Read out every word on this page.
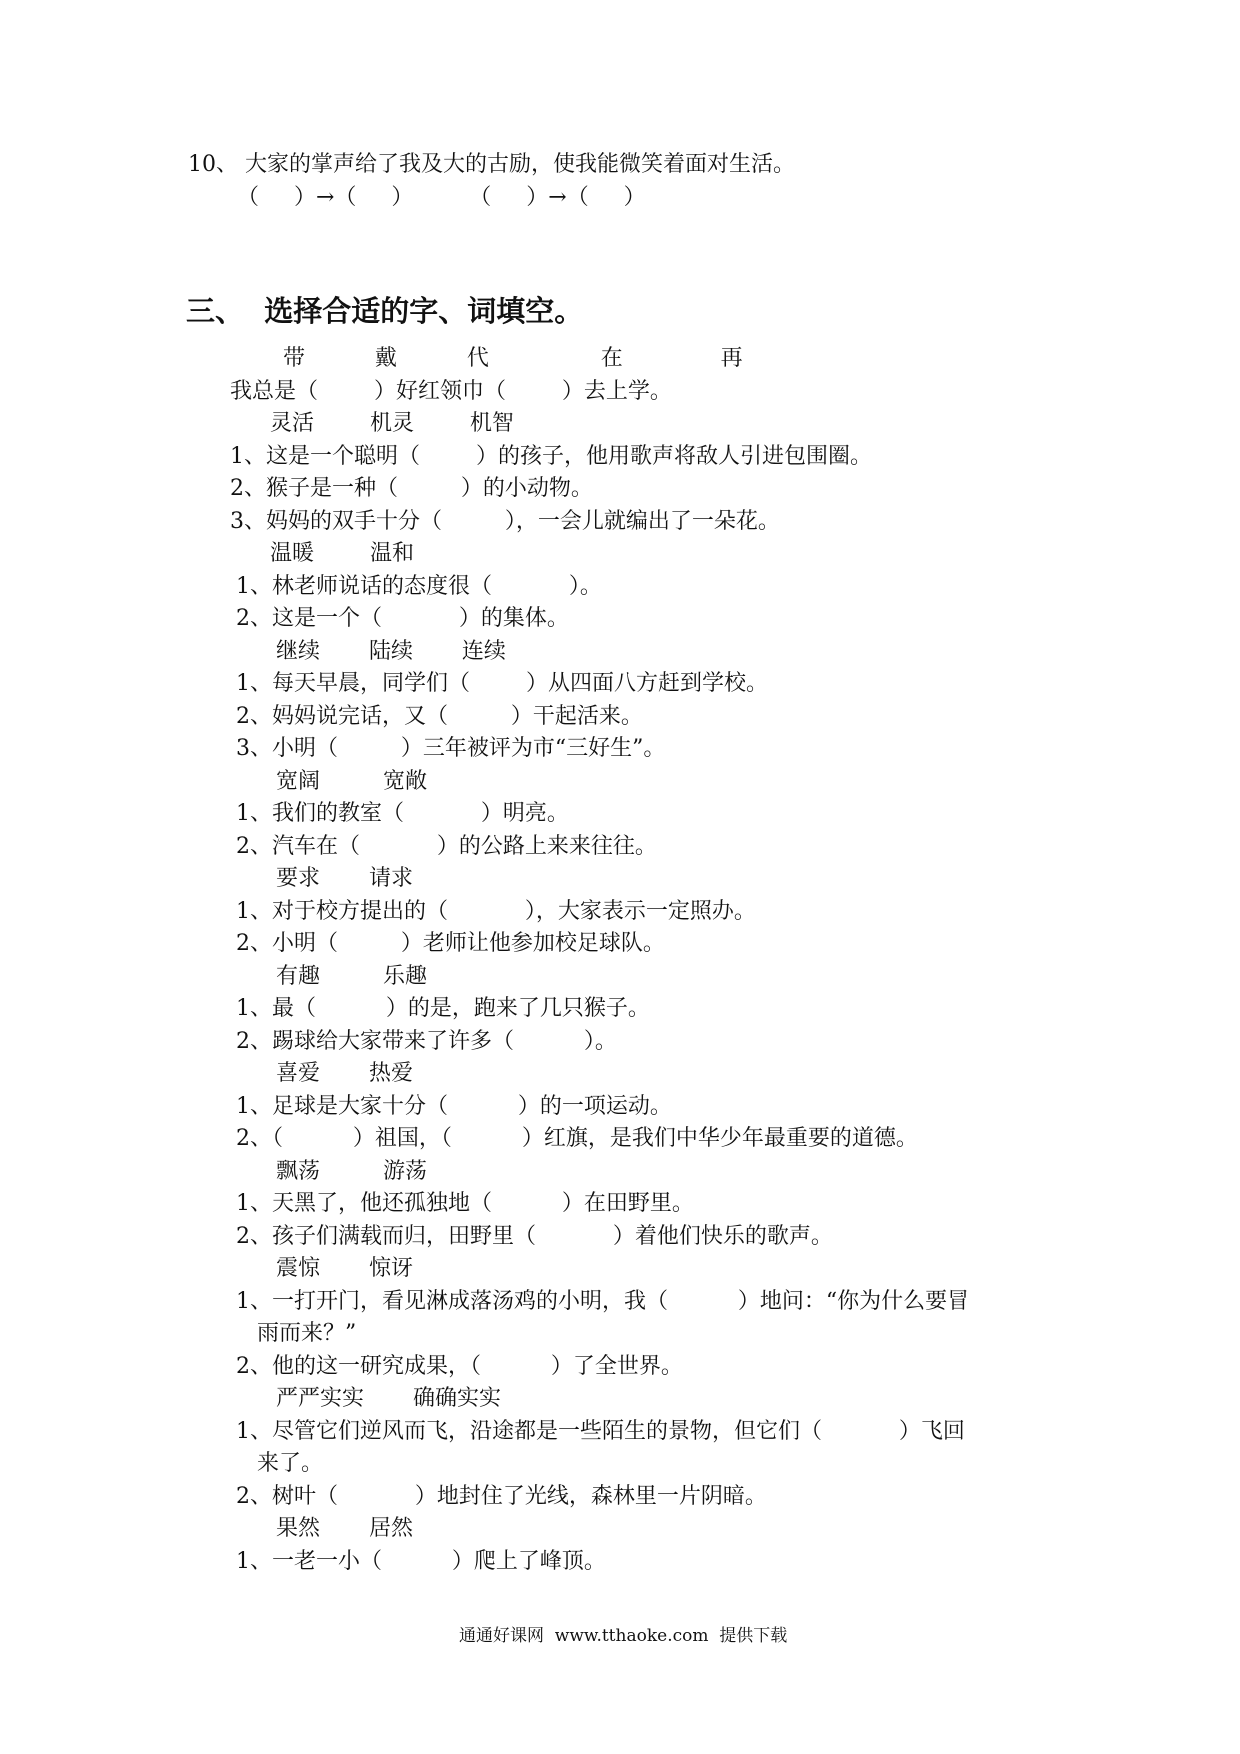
10、 大家的掌声给了我及大的古励，使我能微笑着面对生活。
（     ）→（     ）        （     ）→（     ）
三、  选择合适的字、词填空。
带          戴          代                在              再
我总是（        ）好红领巾（        ）去上学。
灵活        机灵        机智
1、这是一个聪明（        ）的孩子，他用歌声将敌人引进包围圈。
2、猴子是一种（         ）的小动物。
3、妈妈的双手十分（         ），一会儿就编出了一朵花。
温暖        温和
1、林老师说话的态度很（           ）。
2、这是一个（           ）的集体。
继续       陆续       连续
1、每天早晨，同学们（        ）从四面八方赶到学校。
2、妈妈说完话，又（         ）干起活来。
3、小明（         ）三年被评为市“三好生”。
宽阔         宽敞
1、我们的教室（           ）明亮。
2、汽车在（           ）的公路上来来往往。
要求       请求
1、对于校方提出的（           ），大家表示一定照办。
2、小明（         ）老师让他参加校足球队。
有趣         乐趣
1、最（          ）的是，跑来了几只猴子。
2、踢球给大家带来了许多（          ）。
喜爱       热爱
1、足球是大家十分（          ）的一项运动。
2、（          ）祖国，（          ）红旗，是我们中华少年最重要的道德。
飘荡         游荡
1、天黑了，他还孤独地（          ）在田野里。
2、孩子们满载而归，田野里（           ）着他们快乐的歌声。
震惊       惊讶
1、一打开门，看见淋成落汤鸡的小明，我（          ）地问：“你为什么要冒
雨而来？”
2、他的这一研究成果，（          ）了全世界。
严严实实       确确实实
1、尽管它们逆风而飞，沿途都是一些陌生的景物，但它们（           ）飞回
来了。
2、树叶（           ）地封住了光线，森林里一片阴暗。
果然       居然
1、一老一小（          ）爬上了峰顶。
通通好课网  www.tthaoke.com  提供下载
